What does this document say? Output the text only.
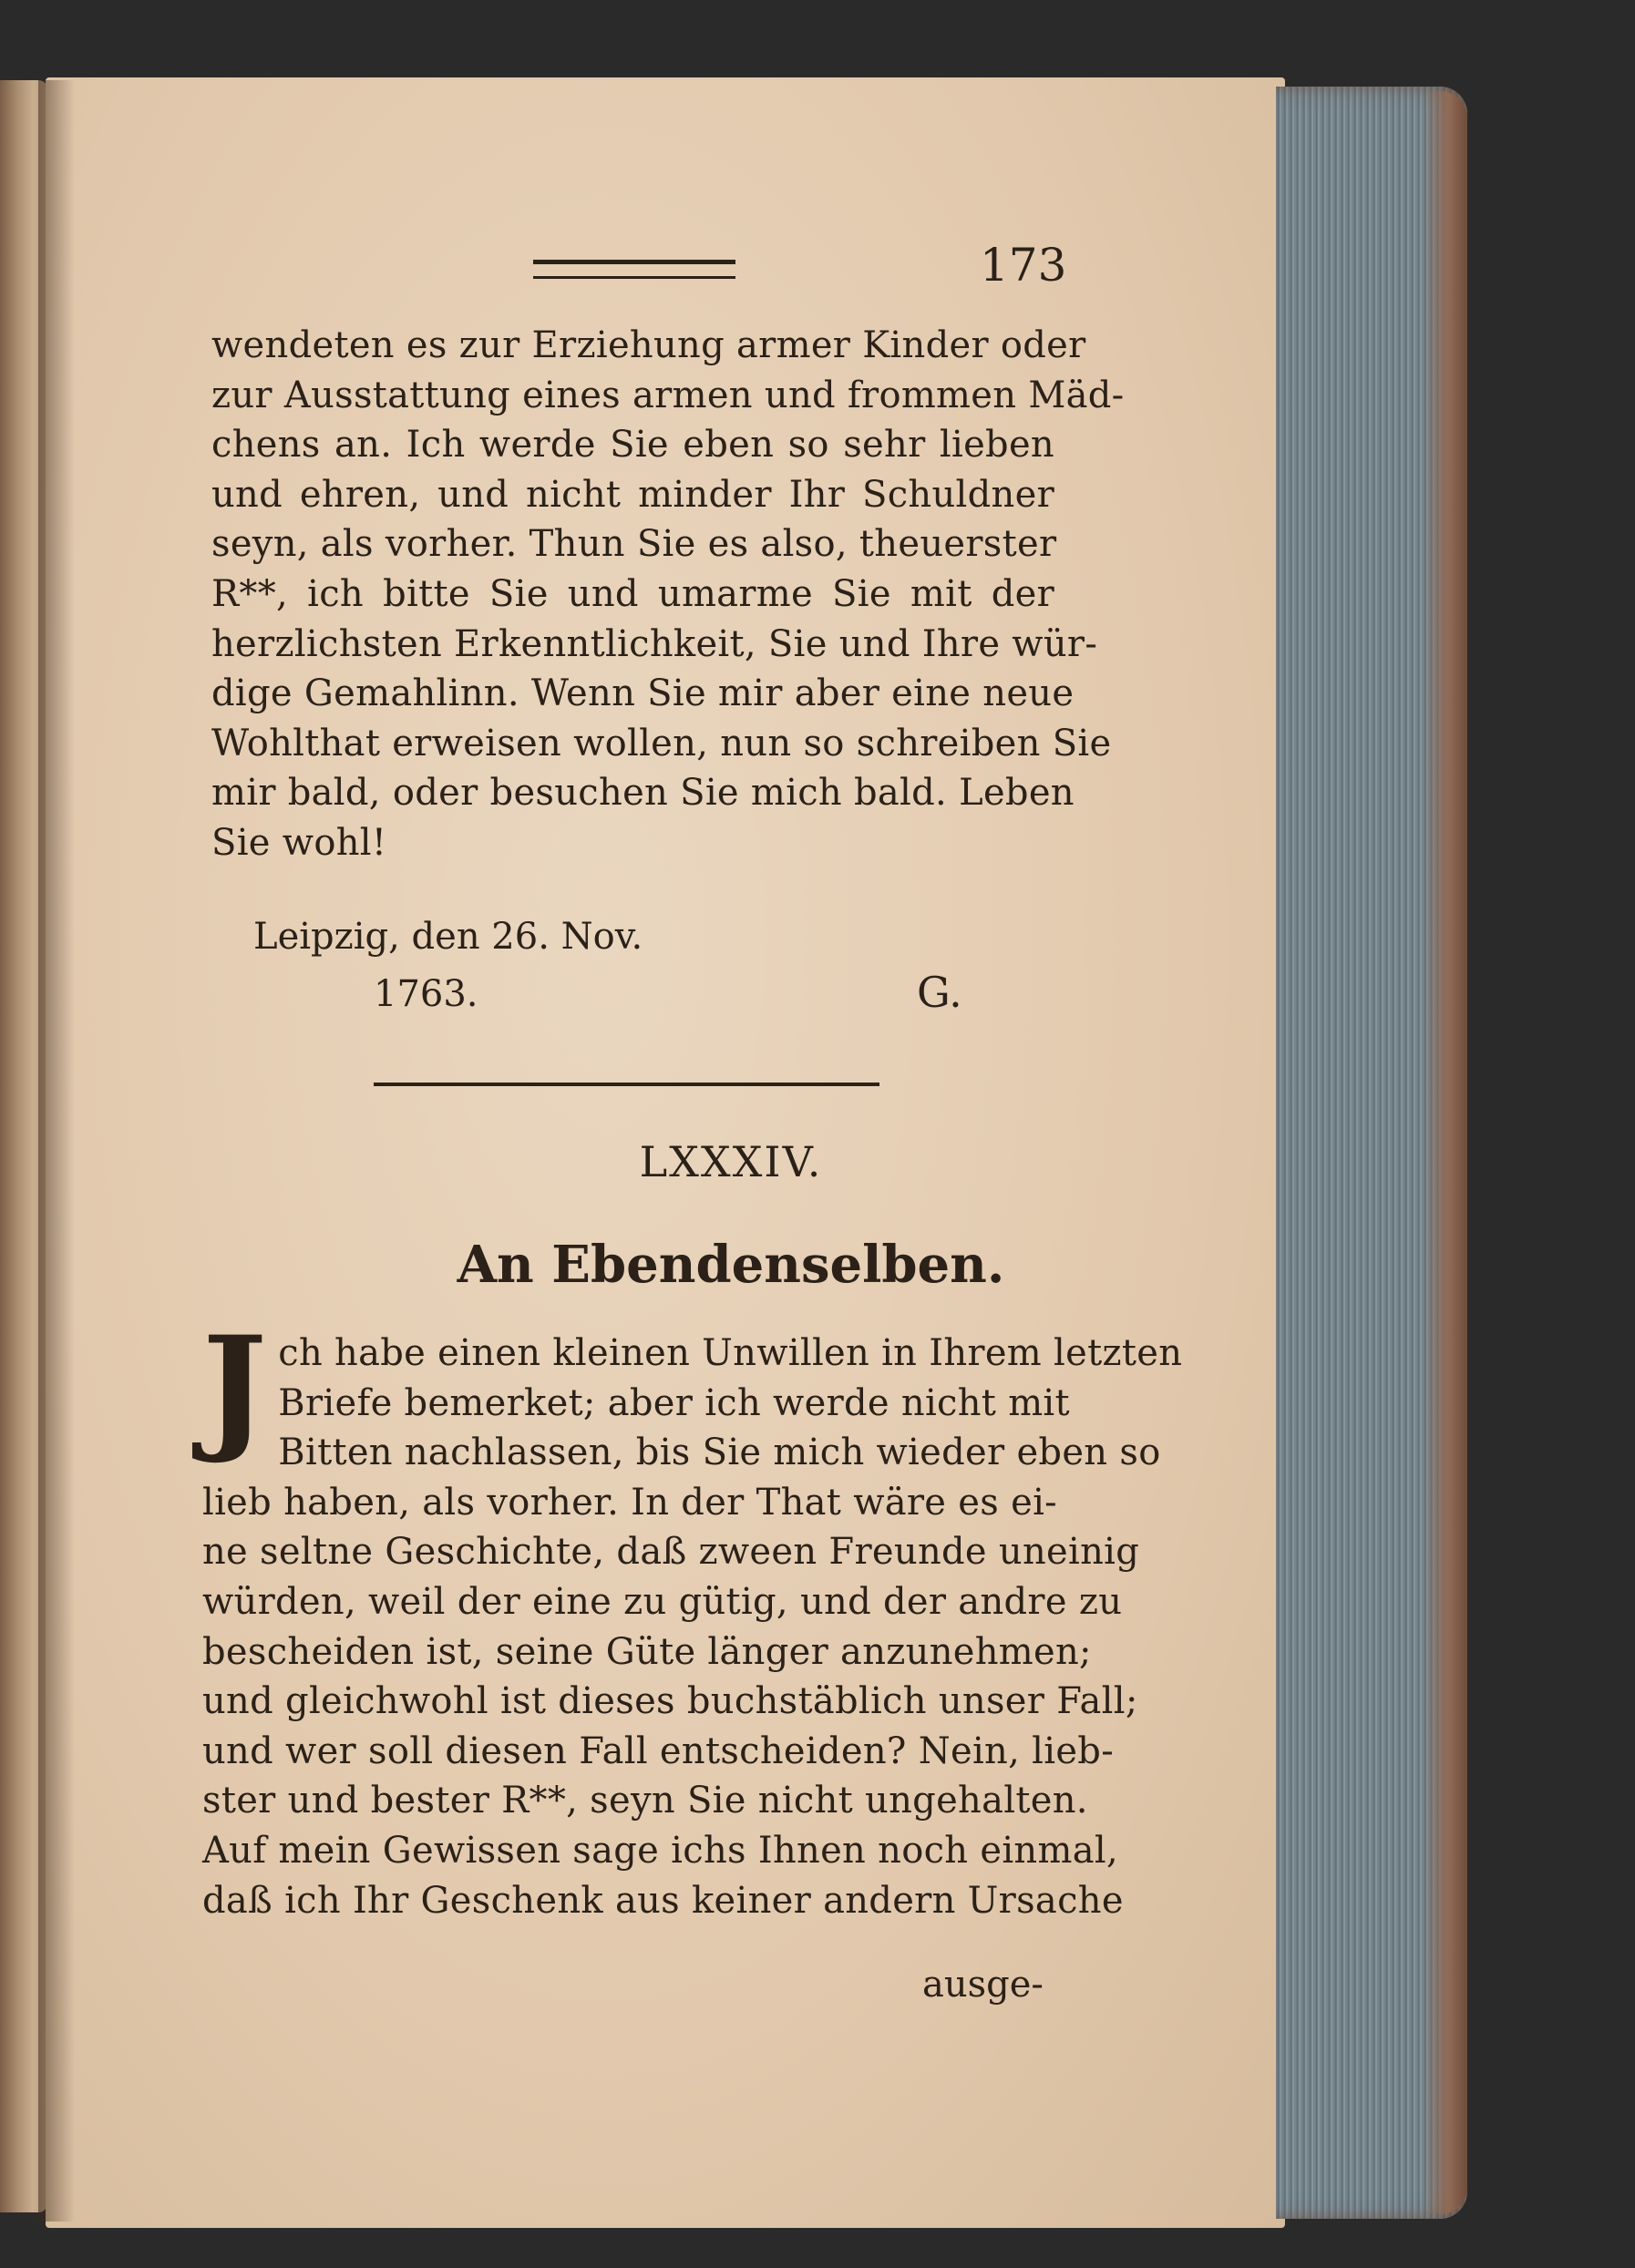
173
wendeten es zur Erziehung armer Kinder oder
zur Ausstattung eines armen und frommen Mäd-
chens an. Ich werde Sie eben so sehr lieben
und ehren, und nicht minder Ihr Schuldner
seyn, als vorher. Thun Sie es also, theuerster
R**, ich bitte Sie und umarme Sie mit der
herzlichsten Erkenntlichkeit, Sie und Ihre wür-
dige Gemahlinn. Wenn Sie mir aber eine neue
Wohlthat erweisen wollen, nun so schreiben Sie
mir bald, oder besuchen Sie mich bald. Leben
Sie wohl!
Leipzig, den 26. Nov.
1763.	G.
LXXXIV.
An Ebendenselben.
J ch habe einen kleinen Unwillen in Ihrem letzten
Briefe bemerket; aber ich werde nicht mit
Bitten nachlassen, bis Sie mich wieder eben so
lieb haben, als vorher. In der That wäre es ei-
ne seltne Geschichte, daß zween Freunde uneinig
würden, weil der eine zu gütig, und der andre zu
bescheiden ist, seine Güte länger anzunehmen;
und gleichwohl ist dieses buchstäblich unser Fall;
und wer soll diesen Fall entscheiden? Nein, lieb-
ster und bester R**, seyn Sie nicht ungehalten.
Auf mein Gewissen sage ichs Ihnen noch einmal,
daß ich Ihr Geschenk aus keiner andern Ursache
ausge-
